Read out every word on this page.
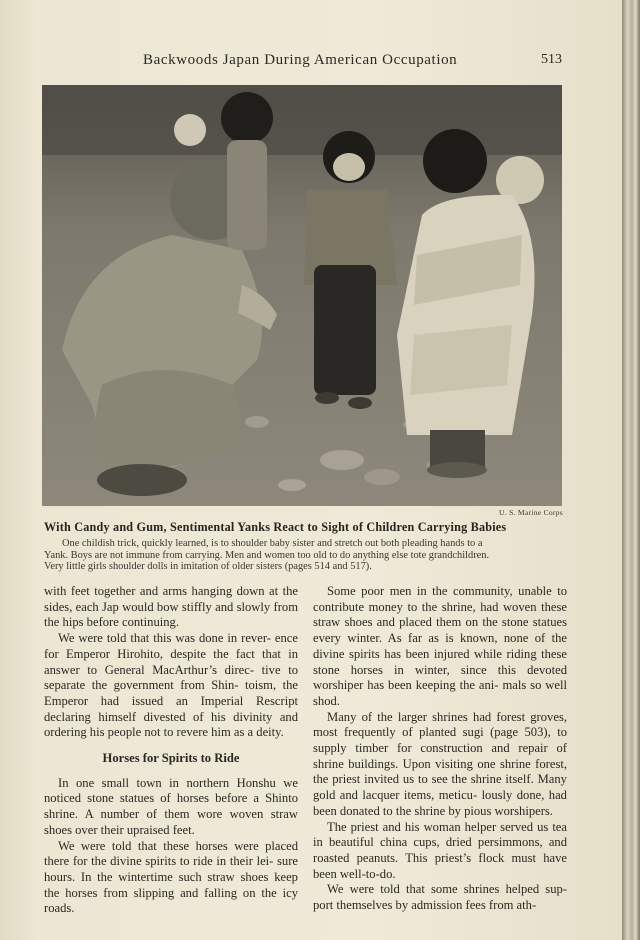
Backwoods Japan During American Occupation	513
U. S. Marine Corps
With Candy and Gum, Sentimental Yanks React to Sight of Children Carrying Babies

One childish trick, quickly learned, is to shoulder baby sister and stretch out both pleading hands to a

Yank. Boys are not immune from carrying. Men and women too old to do anything else tote grandchildren.

Very little girls shoulder dolls in imitation of older sisters (pages 514 and 517).

with feet together and arms hanging down at the sides, each Jap would bow stiffly and slowly from the hips before continuing.

We were told that this was done in rever- ence for Emperor Hirohito, despite the fact that in answer to General MacArthur’s direc- tive to separate the government from Shin- toism, the Emperor had issued an Imperial Rescript declaring himself divested of his divinity and ordering his people not to revere him as a deity.

Horses for Spirits to Ride

In one small town in northern Honshu we noticed stone statues of horses before a Shinto shrine. A number of them wore woven straw shoes over their upraised feet.

We were told that these horses were placed there for the divine spirits to ride in their lei- sure hours. In the wintertime such straw shoes keep the horses from slipping and falling on the icy roads.

Some poor men in the community, unable to contribute money to the shrine, had woven these straw shoes and placed them on the stone statues every winter. As far as is known, none of the divine spirits has been injured while riding these stone horses in winter, since this devoted worshiper has been keeping the ani- mals so well shod.

Many of the larger shrines had forest groves, most frequently of planted sugi (page 503), to supply timber for construction and repair of shrine buildings. Upon visiting one shrine forest, the priest invited us to see the shrine itself. Many gold and lacquer items, meticu- lously done, had been donated to the shrine by pious worshipers.

The priest and his woman helper served us tea in beautiful china cups, dried persimmons, and roasted peanuts. This priest’s flock must have been well-to-do.

We were told that some shrines helped sup- port themselves by admission fees from ath-
